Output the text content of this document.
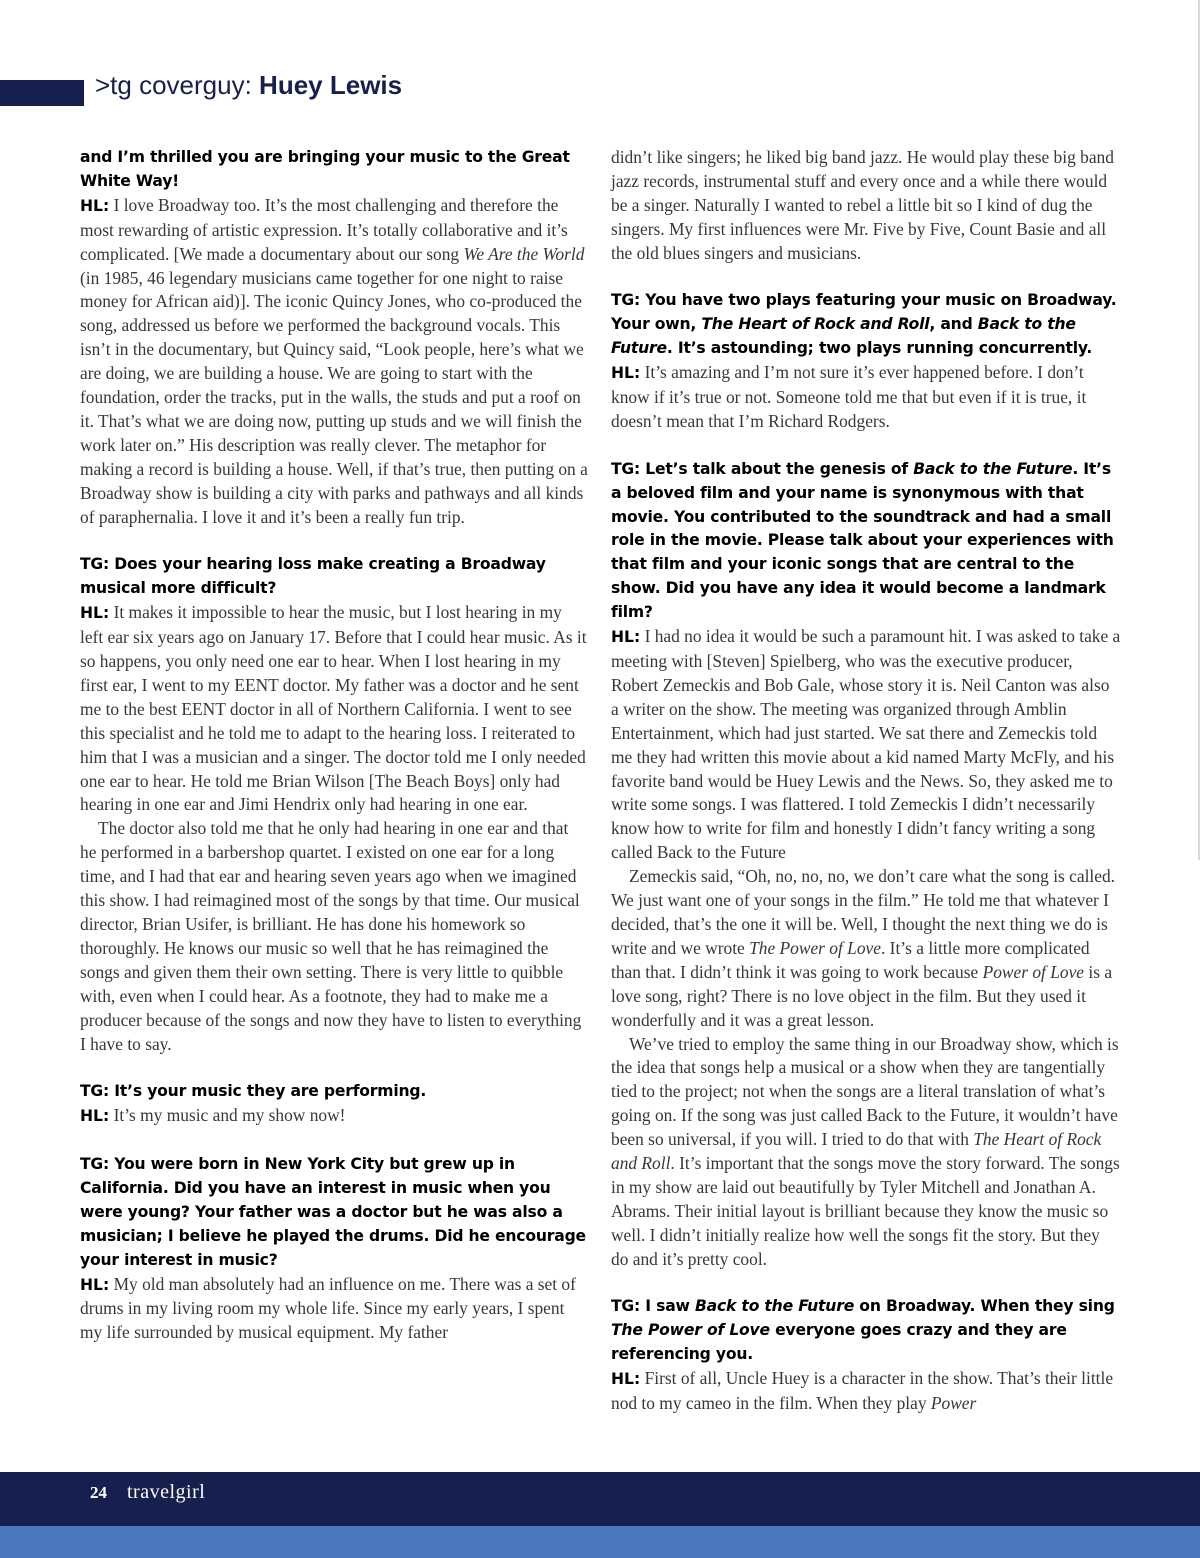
>tg coverguy: Huey Lewis
and I’m thrilled you are bringing your music to the Great White Way!

HL: I love Broadway too. It’s the most challenging and therefore the most rewarding of artistic expression. It’s totally collaborative and it’s complicated. [We made a documentary about our song We Are the World (in 1985, 46 legendary musicians came together for one night to raise money for African aid)]. The iconic Quincy Jones, who co-produced the song, addressed us before we performed the background vocals. This isn’t in the documentary, but Quincy said, “Look people, here’s what we are doing, we are building a house. We are going to start with the foundation, order the tracks, put in the walls, the studs and put a roof on it. That’s what we are doing now, putting up studs and we will finish the work later on.” His description was really clever. The metaphor for making a record is building a house. Well, if that’s true, then putting on a Broadway show is building a city with parks and pathways and all kinds of paraphernalia. I love it and it’s been a really fun trip.

TG: Does your hearing loss make creating a Broadway musical more difficult?

HL: It makes it impossible to hear the music, but I lost hearing in my left ear six years ago on January 17. Before that I could hear music. As it so happens, you only need one ear to hear. When I lost hearing in my first ear, I went to my EENT doctor. My father was a doctor and he sent me to the best EENT doctor in all of Northern California. I went to see this specialist and he told me to adapt to the hearing loss. I reiterated to him that I was a musician and a singer. The doctor told me I only needed one ear to hear. He told me Brian Wilson [The Beach Boys] only had hearing in one ear and Jimi Hendrix only had hearing in one ear.

The doctor also told me that he only had hearing in one ear and that he performed in a barbershop quartet. I existed on one ear for a long time, and I had that ear and hearing seven years ago when we imagined this show. I had reimagined most of the songs by that time. Our musical director, Brian Usifer, is brilliant. He has done his homework so thoroughly. He knows our music so well that he has reimagined the songs and given them their own setting. There is very little to quibble with, even when I could hear. As a footnote, they had to make me a producer because of the songs and now they have to listen to everything I have to say.

TG: It’s your music they are performing.

HL: It’s my music and my show now!

TG: You were born in New York City but grew up in California. Did you have an interest in music when you were young? Your father was a doctor but he was also a musician; I believe he played the drums. Did he encourage your interest in music?

HL: My old man absolutely had an influence on me. There was a set of drums in my living room my whole life. Since my early years, I spent my life surrounded by musical equipment. My father

didn’t like singers; he liked big band jazz. He would play these big band jazz records, instrumental stuff and every once and a while there would be a singer. Naturally I wanted to rebel a little bit so I kind of dug the singers. My first influences were Mr. Five by Five, Count Basie and all the old blues singers and musicians.

TG: You have two plays featuring your music on Broadway. Your own, The Heart of Rock and Roll, and Back to the Future. It’s astounding; two plays running concurrently.

HL: It’s amazing and I’m not sure it’s ever happened before. I don’t know if it’s true or not. Someone told me that but even if it is true, it doesn’t mean that I’m Richard Rodgers.

TG: Let’s talk about the genesis of Back to the Future. It’s a beloved film and your name is synonymous with that movie. You contributed to the soundtrack and had a small role in the movie. Please talk about your experiences with that film and your iconic songs that are central to the show. Did you have any idea it would become a landmark film?

HL: I had no idea it would be such a paramount hit. I was asked to take a meeting with [Steven] Spielberg, who was the executive producer, Robert Zemeckis and Bob Gale, whose story it is. Neil Canton was also a writer on the show. The meeting was organized through Amblin Entertainment, which had just started. We sat there and Zemeckis told me they had written this movie about a kid named Marty McFly, and his favorite band would be Huey Lewis and the News. So, they asked me to write some songs. I was flattered. I told Zemeckis I didn’t necessarily know how to write for film and honestly I didn’t fancy writing a song called Back to the Future

Zemeckis said, “Oh, no, no, no, we don’t care what the song is called. We just want one of your songs in the film.” He told me that whatever I decided, that’s the one it will be. Well, I thought the next thing we do is write and we wrote The Power of Love. It’s a little more complicated than that. I didn’t think it was going to work because Power of Love is a love song, right? There is no love object in the film. But they used it wonderfully and it was a great lesson.

We’ve tried to employ the same thing in our Broadway show, which is the idea that songs help a musical or a show when they are tangentially tied to the project; not when the songs are a literal translation of what’s going on. If the song was just called Back to the Future, it wouldn’t have been so universal, if you will. I tried to do that with The Heart of Rock and Roll. It’s important that the songs move the story forward. The songs in my show are laid out beautifully by Tyler Mitchell and Jonathan A. Abrams. Their initial layout is brilliant because they know the music so well. I didn’t initially realize how well the songs fit the story. But they do and it’s pretty cool.

TG: I saw Back to the Future on Broadway. When they sing The Power of Love everyone goes crazy and they are referencing you.

HL: First of all, Uncle Huey is a character in the show. That’s their little nod to my cameo in the film. When they play Power

24 travelgirl
